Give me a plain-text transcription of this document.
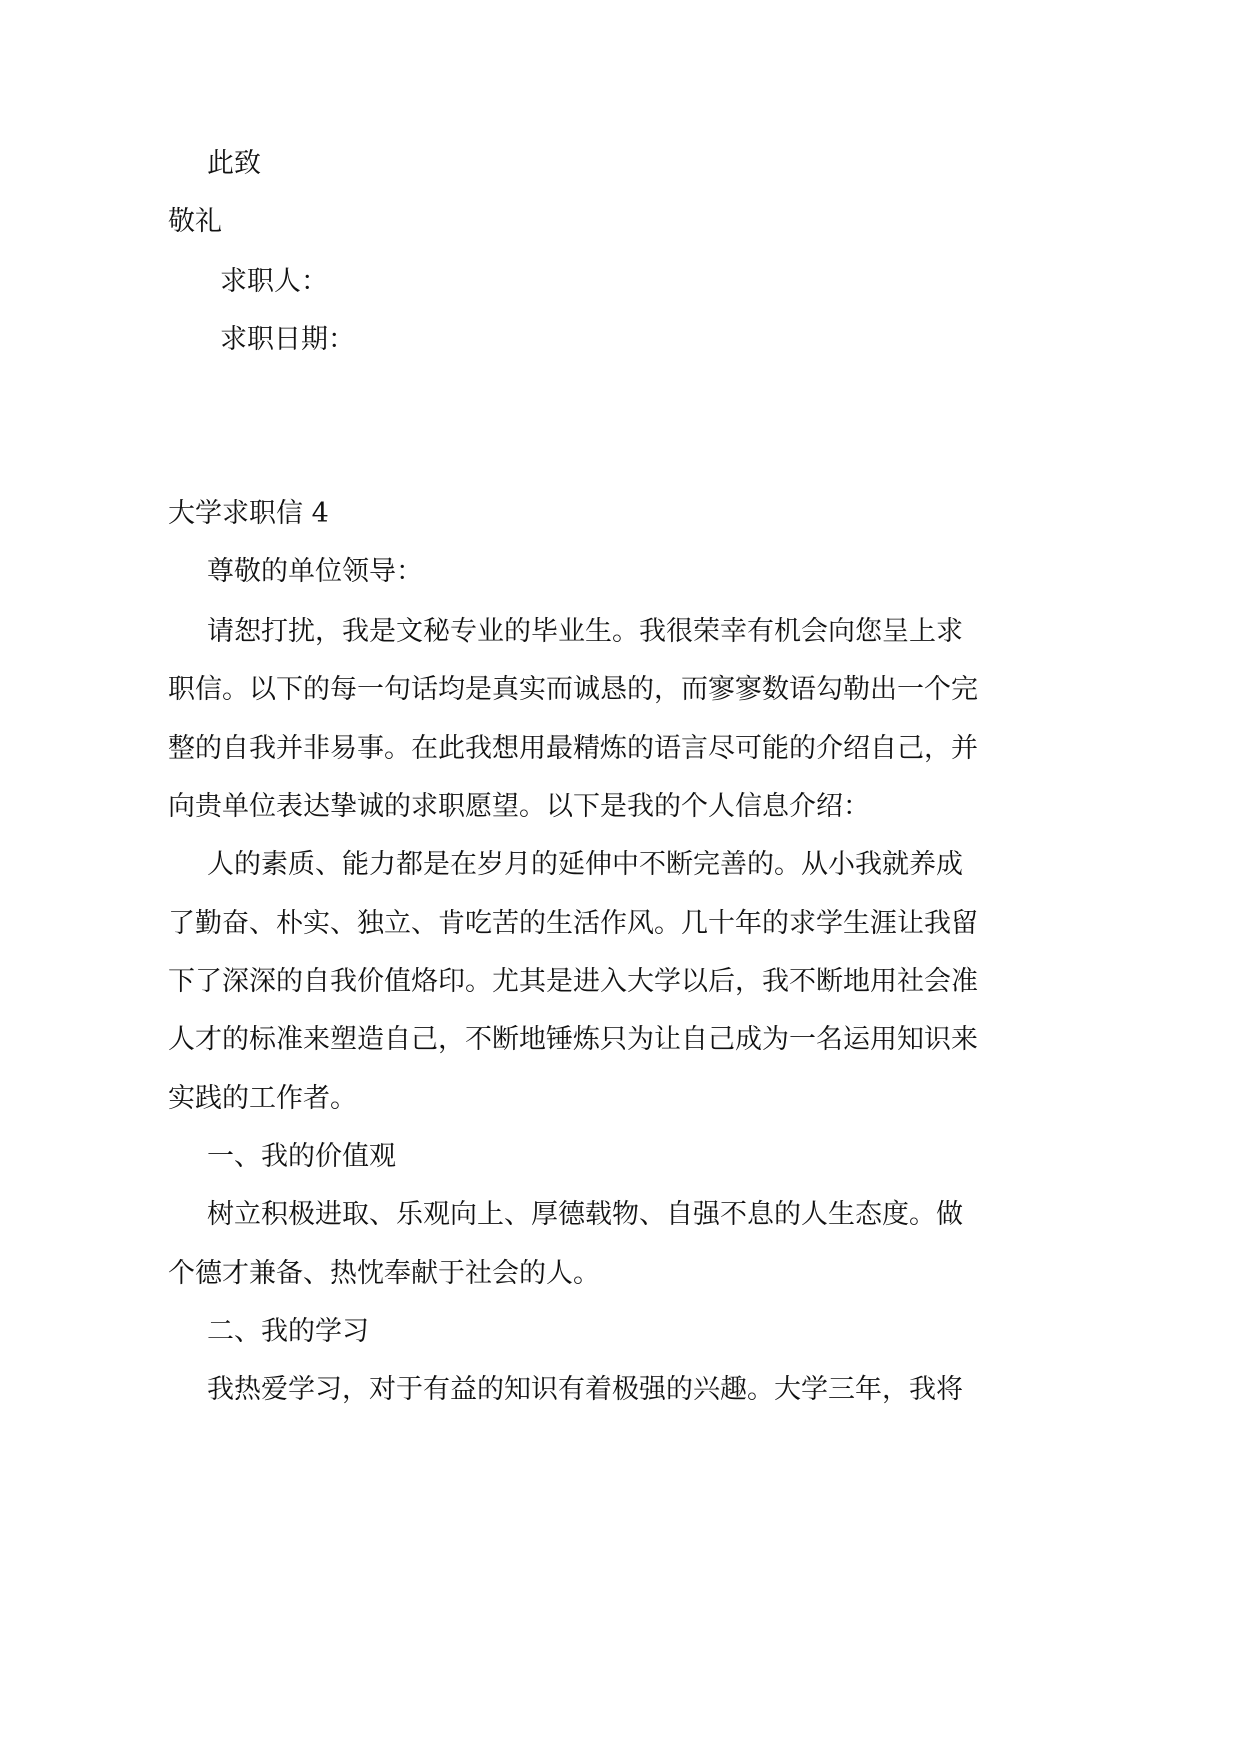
此致
敬礼
求职人：
求职日期：
大学求职信 4
尊敬的单位领导：
请恕打扰，我是文秘专业的毕业生。我很荣幸有机会向您呈上求
职信。以下的每一句话均是真实而诚恳的，而寥寥数语勾勒出一个完
整的自我并非易事。在此我想用最精炼的语言尽可能的介绍自己，并
向贵单位表达挚诚的求职愿望。以下是我的个人信息介绍：
人的素质、能力都是在岁月的延伸中不断完善的。从小我就养成
了勤奋、朴实、独立、肯吃苦的生活作风。几十年的求学生涯让我留
下了深深的自我价值烙印。尤其是进入大学以后，我不断地用社会准
人才的标准来塑造自己，不断地锤炼只为让自己成为一名运用知识来
实践的工作者。
一、我的价值观
树立积极进取、乐观向上、厚德载物、自强不息的人生态度。做
个德才兼备、热忱奉献于社会的人。
二、我的学习
我热爱学习，对于有益的知识有着极强的兴趣。大学三年，我将
